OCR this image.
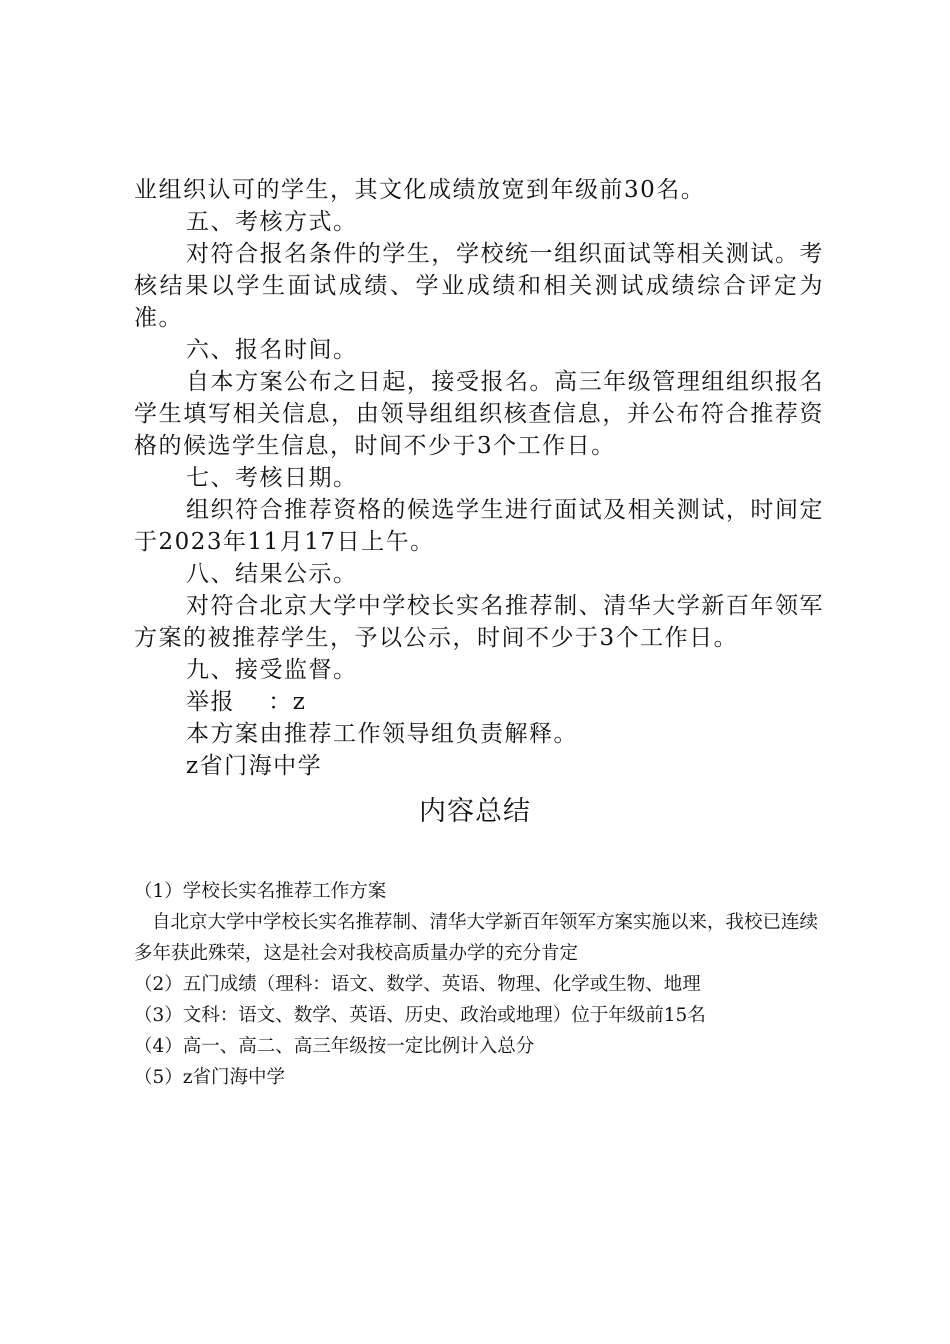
业组织认可的学生，其文化成绩放宽到年级前30名。

五、考核方式。

对符合报名条件的学生，学校统一组织面试等相关测试。考核结果以学生面试成绩、学业成绩和相关测试成绩综合评定为准。

六、报名时间。

自本方案公布之日起，接受报名。高三年级管理组组织报名学生填写相关信息，由领导组组织核查信息，并公布符合推荐资格的候选学生信息，时间不少于3个工作日。

七、考核日期。

组织符合推荐资格的候选学生进行面试及相关测试，时间定于2023年11月17日上午。

八、结果公示。

对符合北京大学中学校长实名推荐制、清华大学新百年领军方案的被推荐学生，予以公示，时间不少于3个工作日。

九、接受监督。

举报　 ：z

本方案由推荐工作领导组负责解释。

z省门海中学

内容总结

（1）学校长实名推荐工作方案

自北京大学中学校长实名推荐制、清华大学新百年领军方案实施以来，我校已连续多年获此殊荣，这是社会对我校高质量办学的充分肯定

（2）五门成绩（理科：语文、数学、英语、物理、化学或生物、地理

（3）文科：语文、数学、英语、历史、政治或地理）位于年级前15名

（4）高一、高二、高三年级按一定比例计入总分

（5）z省门海中学
